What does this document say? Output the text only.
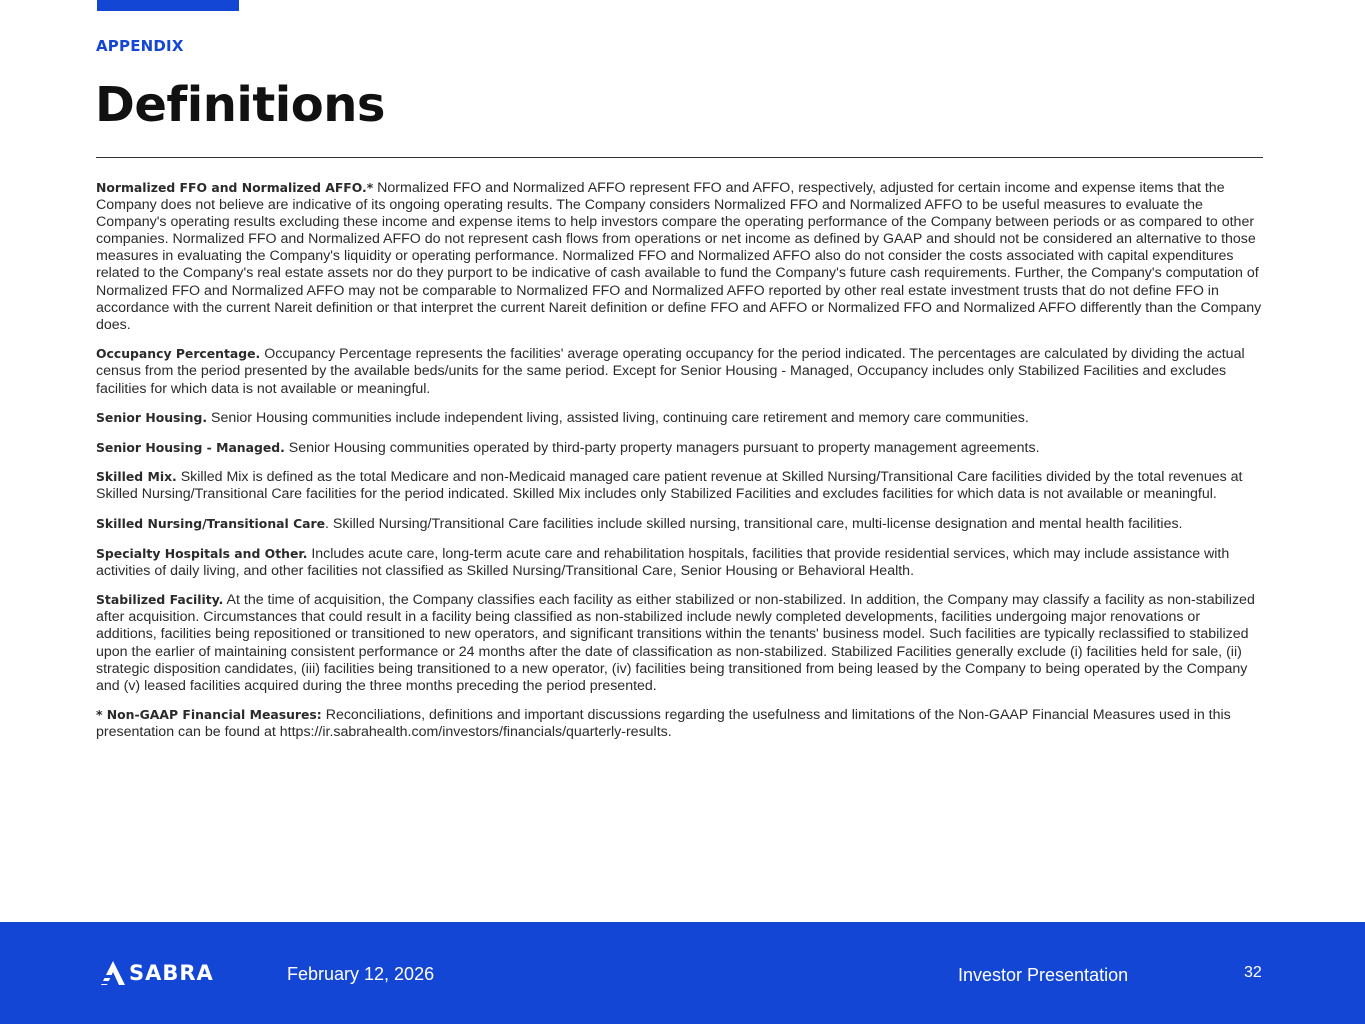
APPENDIX
Definitions

Normalized FFO and Normalized AFFO.* Normalized FFO and Normalized AFFO represent FFO and AFFO, respectively, adjusted for certain income and expense items that the Company does not believe are indicative of its ongoing operating results. The Company considers Normalized FFO and Normalized AFFO to be useful measures to evaluate the Company's operating results excluding these income and expense items to help investors compare the operating performance of the Company between periods or as compared to other companies. Normalized FFO and Normalized AFFO do not represent cash flows from operations or net income as defined by GAAP and should not be considered an alternative to those measures in evaluating the Company's liquidity or operating performance. Normalized FFO and Normalized AFFO also do not consider the costs associated with capital expenditures related to the Company's real estate assets nor do they purport to be indicative of cash available to fund the Company's future cash requirements. Further, the Company's computation of Normalized FFO and Normalized AFFO may not be comparable to Normalized FFO and Normalized AFFO reported by other real estate investment trusts that do not define FFO in accordance with the current Nareit definition or that interpret the current Nareit definition or define FFO and AFFO or Normalized FFO and Normalized AFFO differently than the Company does.

Occupancy Percentage. Occupancy Percentage represents the facilities' average operating occupancy for the period indicated. The percentages are calculated by dividing the actual census from the period presented by the available beds/units for the same period. Except for Senior Housing - Managed, Occupancy includes only Stabilized Facilities and excludes facilities for which data is not available or meaningful.

Senior Housing. Senior Housing communities include independent living, assisted living, continuing care retirement and memory care communities.

Senior Housing - Managed. Senior Housing communities operated by third-party property managers pursuant to property management agreements.

Skilled Mix. Skilled Mix is defined as the total Medicare and non-Medicaid managed care patient revenue at Skilled Nursing/Transitional Care facilities divided by the total revenues at Skilled Nursing/Transitional Care facilities for the period indicated. Skilled Mix includes only Stabilized Facilities and excludes facilities for which data is not available or meaningful.

Skilled Nursing/Transitional Care. Skilled Nursing/Transitional Care facilities include skilled nursing, transitional care, multi-license designation and mental health facilities.

Specialty Hospitals and Other. Includes acute care, long-term acute care and rehabilitation hospitals, facilities that provide residential services, which may include assistance with activities of daily living, and other facilities not classified as Skilled Nursing/Transitional Care, Senior Housing or Behavioral Health.

Stabilized Facility. At the time of acquisition, the Company classifies each facility as either stabilized or non-stabilized. In addition, the Company may classify a facility as non-stabilized after acquisition. Circumstances that could result in a facility being classified as non-stabilized include newly completed developments, facilities undergoing major renovations or additions, facilities being repositioned or transitioned to new operators, and significant transitions within the tenants' business model. Such facilities are typically reclassified to stabilized upon the earlier of maintaining consistent performance or 24 months after the date of classification as non-stabilized. Stabilized Facilities generally exclude (i) facilities held for sale, (ii) strategic disposition candidates, (iii) facilities being transitioned to a new operator, (iv) facilities being transitioned from being leased by the Company to being operated by the Company and (v) leased facilities acquired during the three months preceding the period presented.

* Non-GAAP Financial Measures: Reconciliations, definitions and important discussions regarding the usefulness and limitations of the Non-GAAP Financial Measures used in this presentation can be found at https://ir.sabrahealth.com/investors/financials/quarterly-results.

SABRA	February 12, 2026	Investor Presentation	32
